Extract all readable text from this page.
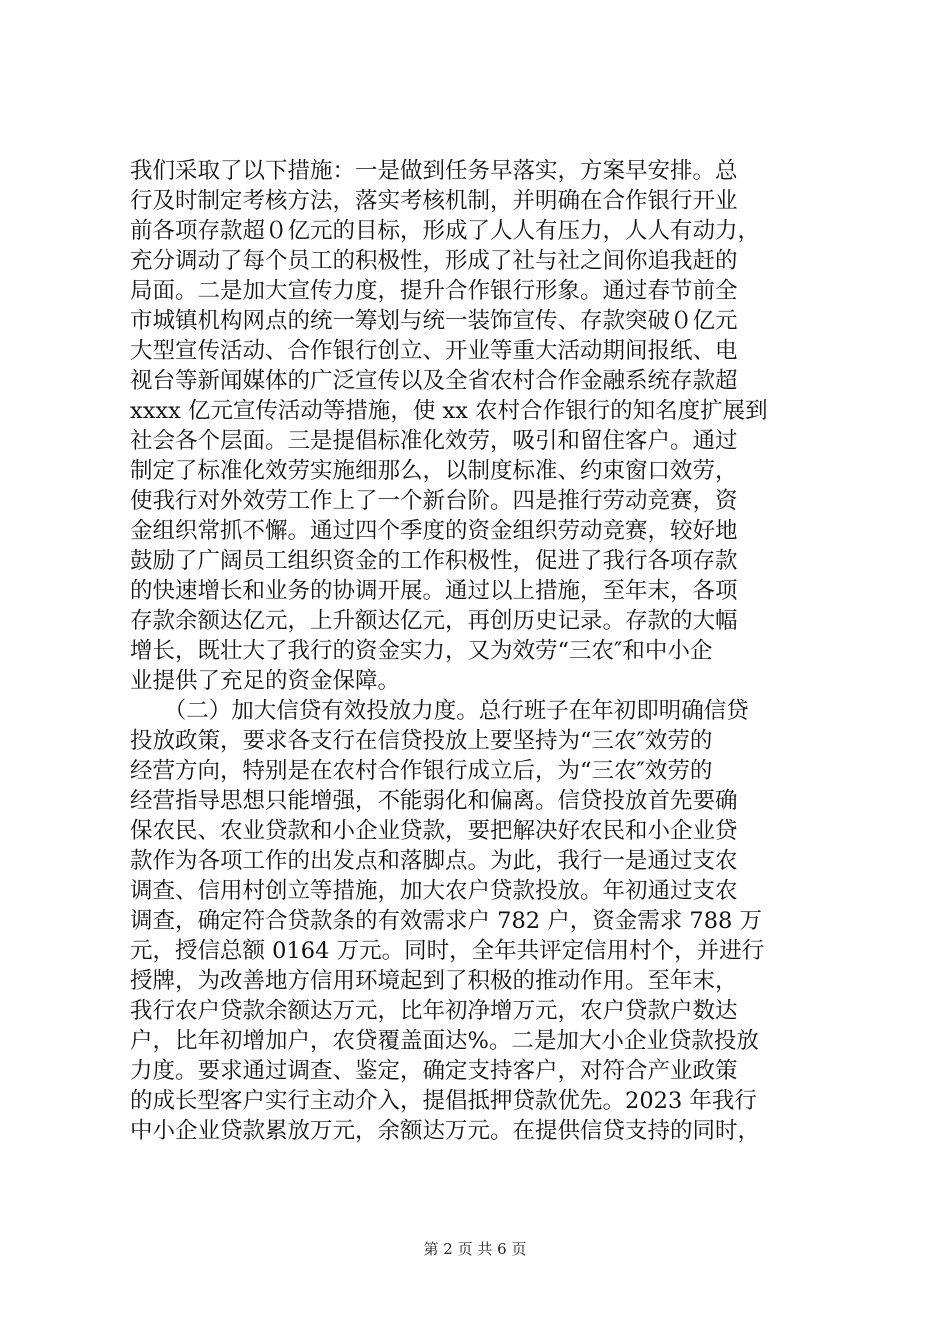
我们采取了以下措施：一是做到任务早落实，方案早安排。总
行及时制定考核方法，落实考核机制，并明确在合作银行开业
前各项存款超０亿元的目标，形成了人人有压力，人人有动力，
充分调动了每个员工的积极性，形成了社与社之间你追我赶的
局面。二是加大宣传力度，提升合作银行形象。通过春节前全
市城镇机构网点的统一筹划与统一装饰宣传、存款突破０亿元
大型宣传活动、合作银行创立、开业等重大活动期间报纸、电
视台等新闻媒体的广泛宣传以及全省农村合作金融系统存款超
xxxx 亿元宣传活动等措施，使 xx 农村合作银行的知名度扩展到
社会各个层面。三是提倡标准化效劳，吸引和留住客户。通过
制定了标准化效劳实施细那么，以制度标准、约束窗口效劳，
使我行对外效劳工作上了一个新台阶。四是推行劳动竞赛，资
金组织常抓不懈。通过四个季度的资金组织劳动竞赛，较好地
鼓励了广阔员工组织资金的工作积极性，促进了我行各项存款
的快速增长和业务的协调开展。通过以上措施，至年末，各项
存款余额达亿元，上升额达亿元，再创历史记录。存款的大幅
增长，既壮大了我行的资金实力，又为效劳“三农″和中小企
业提供了充足的资金保障。
　　（二）加大信贷有效投放力度。总行班子在年初即明确信贷
投放政策，要求各支行在信贷投放上要坚持为“三农″效劳的
经营方向，特别是在农村合作银行成立后，为“三农″效劳的
经营指导思想只能增强，不能弱化和偏离。信贷投放首先要确
保农民、农业贷款和小企业贷款，要把解决好农民和小企业贷
款作为各项工作的出发点和落脚点。为此，我行一是通过支农
调查、信用村创立等措施，加大农户贷款投放。年初通过支农
调查，确定符合贷款条的有效需求户 782 户，资金需求 788 万
元，授信总额 0164 万元。同时，全年共评定信用村个，并进行
授牌，为改善地方信用环境起到了积极的推动作用。至年末，
我行农户贷款余额达万元，比年初净增万元，农户贷款户数达
户，比年初增加户，农贷覆盖面达%。二是加大小企业贷款投放
力度。要求通过调查、鉴定，确定支持客户，对符合产业政策
的成长型客户实行主动介入，提倡抵押贷款优先。2023 年我行
中小企业贷款累放万元，余额达万元。在提供信贷支持的同时，
第 2 页 共 6 页
